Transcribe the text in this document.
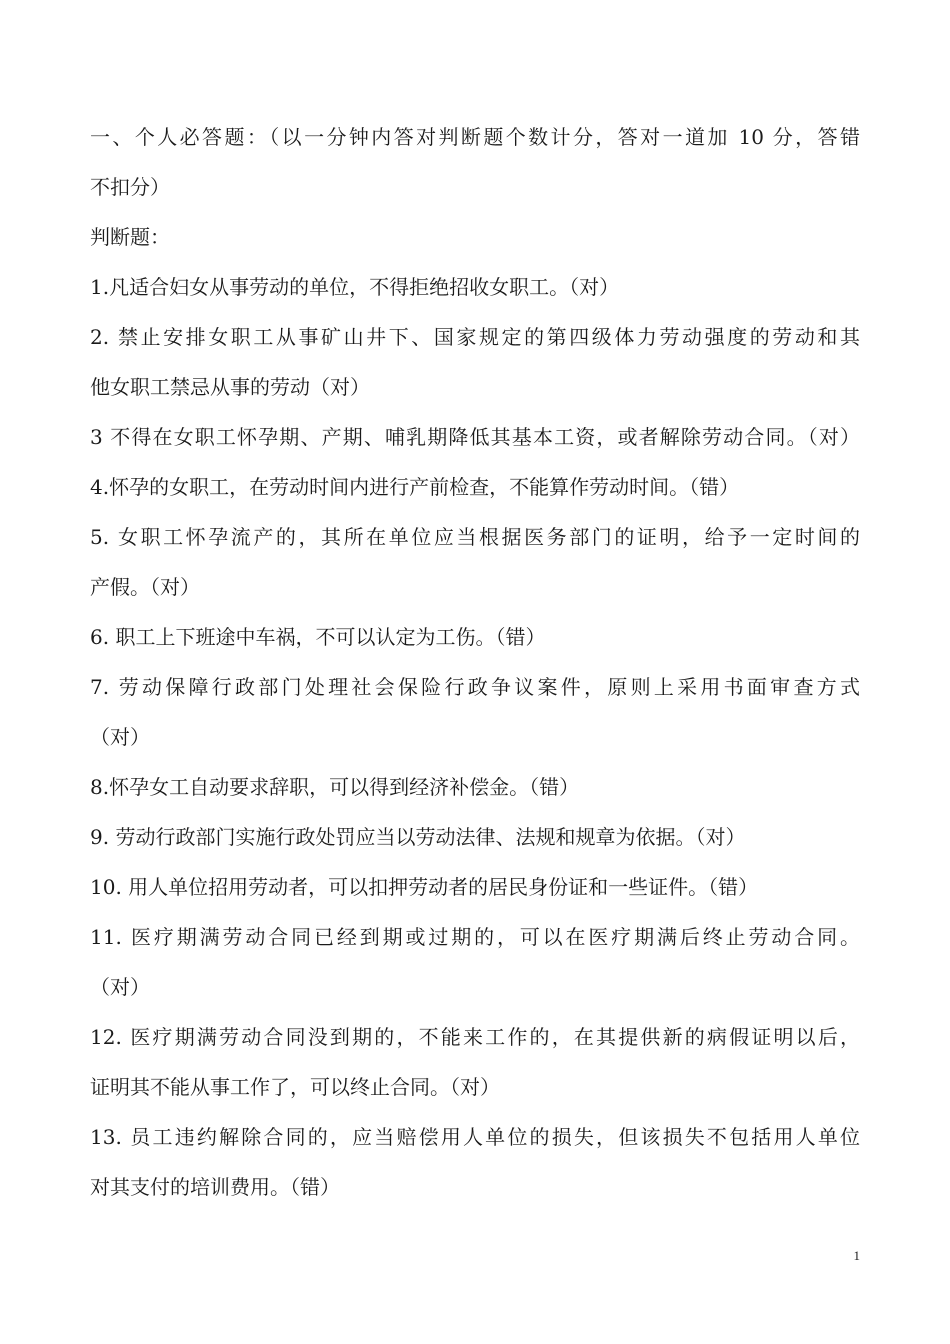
一、个人必答题：（以一分钟内答对判断题个数计分，答对一道加 10 分，答错
不扣分）
判断题：
1.凡适合妇女从事劳动的单位，不得拒绝招收女职工。（对）
2. 禁止安排女职工从事矿山井下、国家规定的第四级体力劳动强度的劳动和其
他女职工禁忌从事的劳动（对）
3 不得在女职工怀孕期、产期、哺乳期降低其基本工资，或者解除劳动合同。（对）
4.怀孕的女职工，在劳动时间内进行产前检查，不能算作劳动时间。（错）
5. 女职工怀孕流产的，其所在单位应当根据医务部门的证明，给予一定时间的
产假。（对）
6. 职工上下班途中车祸，不可以认定为工伤。（错）
7. 劳动保障行政部门处理社会保险行政争议案件，原则上采用书面审查方式
（对）
8.怀孕女工自动要求辞职，可以得到经济补偿金。（错）
9. 劳动行政部门实施行政处罚应当以劳动法律、法规和规章为依据。（对）
10. 用人单位招用劳动者，可以扣押劳动者的居民身份证和一些证件。（错）
11. 医疗期满劳动合同已经到期或过期的，可以在医疗期满后终止劳动合同。
（对）
12. 医疗期满劳动合同没到期的，不能来工作的，在其提供新的病假证明以后，
证明其不能从事工作了，可以终止合同。（对）
13. 员工违约解除合同的，应当赔偿用人单位的损失，但该损失不包括用人单位
对其支付的培训费用。（错）
1
